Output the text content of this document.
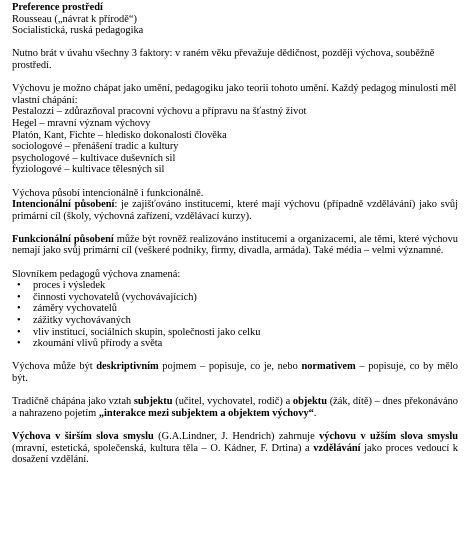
Preference prostředí
Rousseau („návrat k přírodě“)
Socialistická, ruská pedagogika
Nutno brát v úvahu všechny 3 faktory: v raném věku převažuje dědičnost, později výchova, souběžně prostředí.
Výchovu je možno chápat jako umění, pedagogiku jako teorii tohoto umění. Každý pedagog minulosti měl vlastní chápání:
Pestalozzi – zdůrazňoval pracovní výchovu a přípravu na šťastný život
Hegel – mravní význam výchovy
Platón, Kant, Fichte – hledisko dokonalosti člověka
sociologové – přenášení tradic a kultury
psychologové – kultivace duševních sil
fyziologové – kultivace tělesných sil
Výchova působí intencionálně i funkcionálně.
Intencionální působení: je zajišťováno institucemi, které mají výchovu (případně vzdělávání) jako svůj primární cíl (školy, výchovná zařízení, vzdělávací kurzy).
Funkcionální působení může být rovněž realizováno institucemi a organizacemi, ale těmi, které výchovu nemají jako svůj primární cíl (veškeré podniky, firmy, divadla, armáda). Také média – velmi významné.
Slovníkem pedagogů výchova znamená:
• proces i výsledek
• činnosti vychovatelů (vychovávajících)
• záměry vychovatelů
• zážitky vychovávaných
• vliv institucí, sociálních skupin, společnosti jako celku
• zkoumání vlivů přírody a světa
Výchova může být deskriptivním pojmem – popisuje, co je, nebo normativem – popisuje, co by mělo být.
Tradičně chápána jako vztah subjektu (učitel, vychovatel, rodič) a objektu (žák, dítě) – dnes překonáváno a nahrazeno pojetím „interakce mezi subjektem a objektem výchovy“.
Výchova v širším slova smyslu (G.A.Lindner, J. Hendrich) zahrnuje výchovu v užším slova smyslu (mravní, estetická, společenská, kultura těla – O. Kádner, F. Drtina) a vzdělávání jako proces vedoucí k dosažení vzdělání.
